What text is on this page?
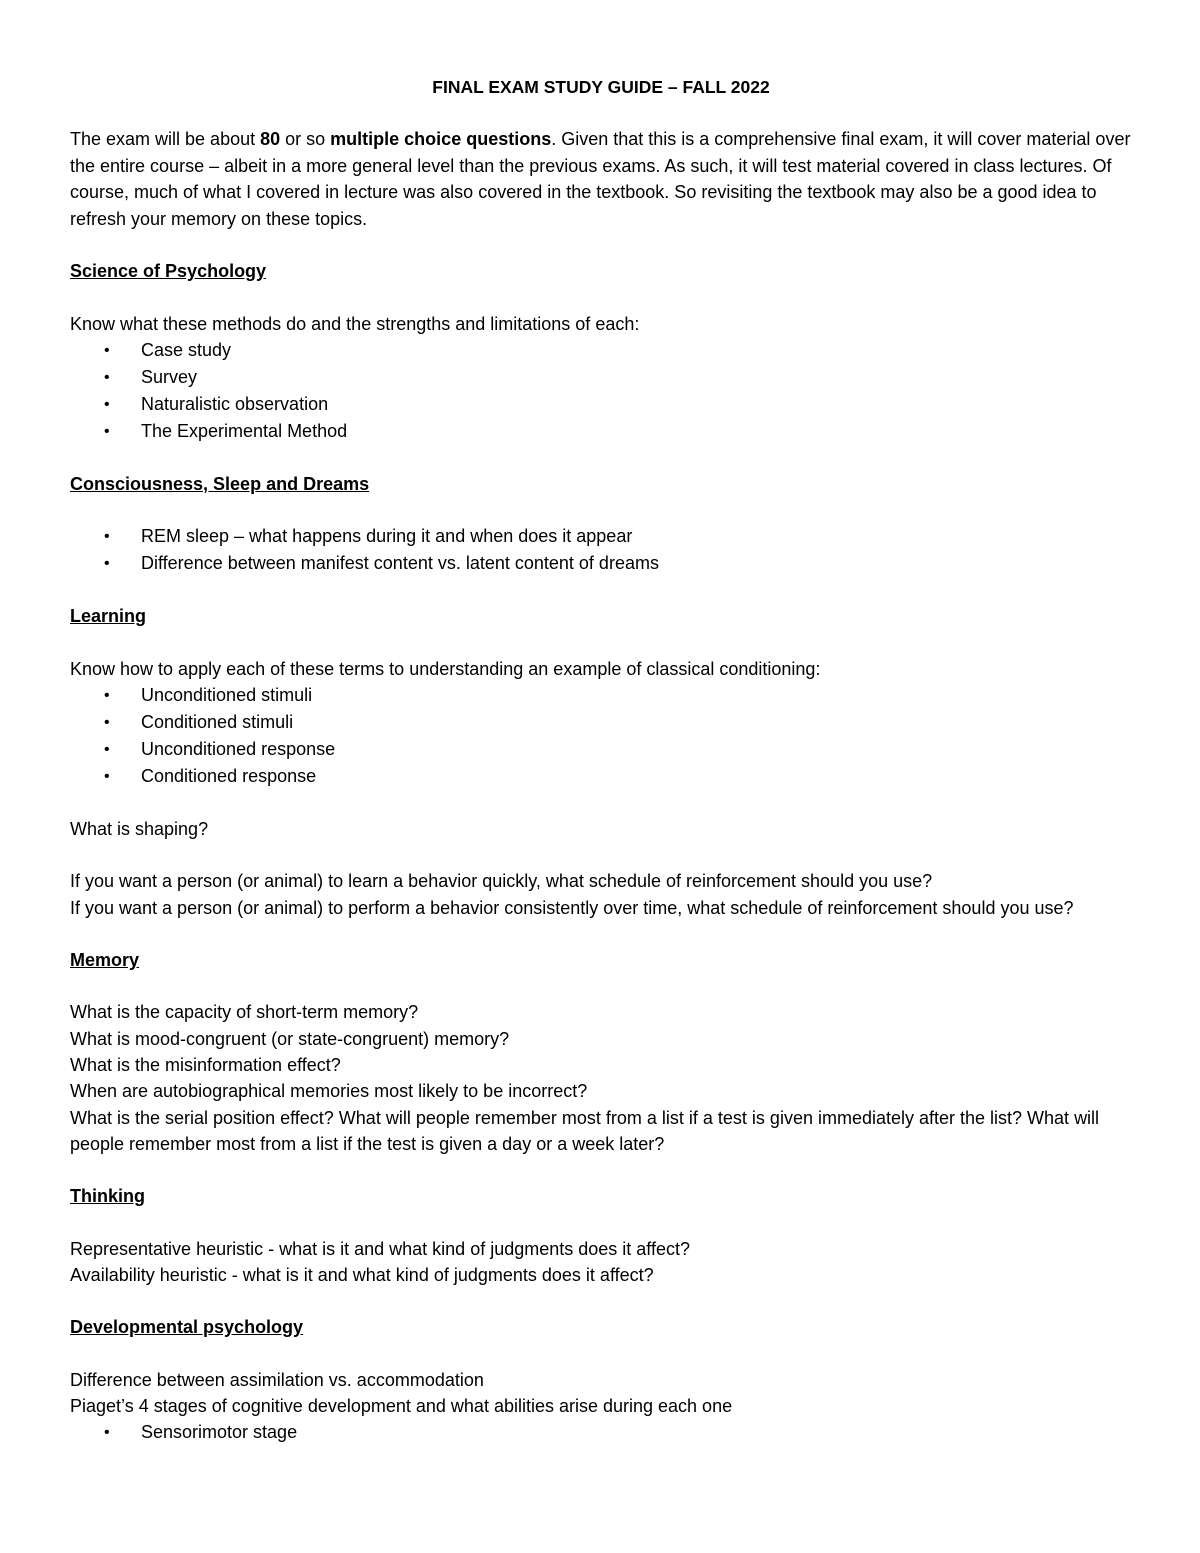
FINAL EXAM STUDY GUIDE – FALL 2022

The exam will be about 80 or so multiple choice questions. Given that this is a comprehensive final exam, it will cover material over the entire course – albeit in a more general level than the previous exams. As such, it will test material covered in class lectures. Of course, much of what I covered in lecture was also covered in the textbook. So revisiting the textbook may also be a good idea to refresh your memory on these topics.

Science of Psychology

Know what these methods do and the strengths and limitations of each:

• Case study
• Survey
• Naturalistic observation
• The Experimental Method
Consciousness, Sleep and Dreams
• REM sleep – what happens during it and when does it appear
• Difference between manifest content vs. latent content of dreams
Learning

Know how to apply each of these terms to understanding an example of classical conditioning:

• Unconditioned stimuli
• Conditioned stimuli
• Unconditioned response
• Conditioned response

What is shaping?

If you want a person (or animal) to learn a behavior quickly, what schedule of reinforcement should you use?

If you want a person (or animal) to perform a behavior consistently over time, what schedule of reinforcement should you use?

Memory

What is the capacity of short-term memory?

What is mood-congruent (or state-congruent) memory?

What is the misinformation effect?

When are autobiographical memories most likely to be incorrect?

What is the serial position effect? What will people remember most from a list if a test is given immediately after the list? What will people remember most from a list if the test is given a day or a week later?

Thinking

Representative heuristic - what is it and what kind of judgments does it affect?

Availability heuristic - what is it and what kind of judgments does it affect?

Developmental psychology

Difference between assimilation vs. accommodation

Piaget’s 4 stages of cognitive development and what abilities arise during each one

• Sensorimotor stage
